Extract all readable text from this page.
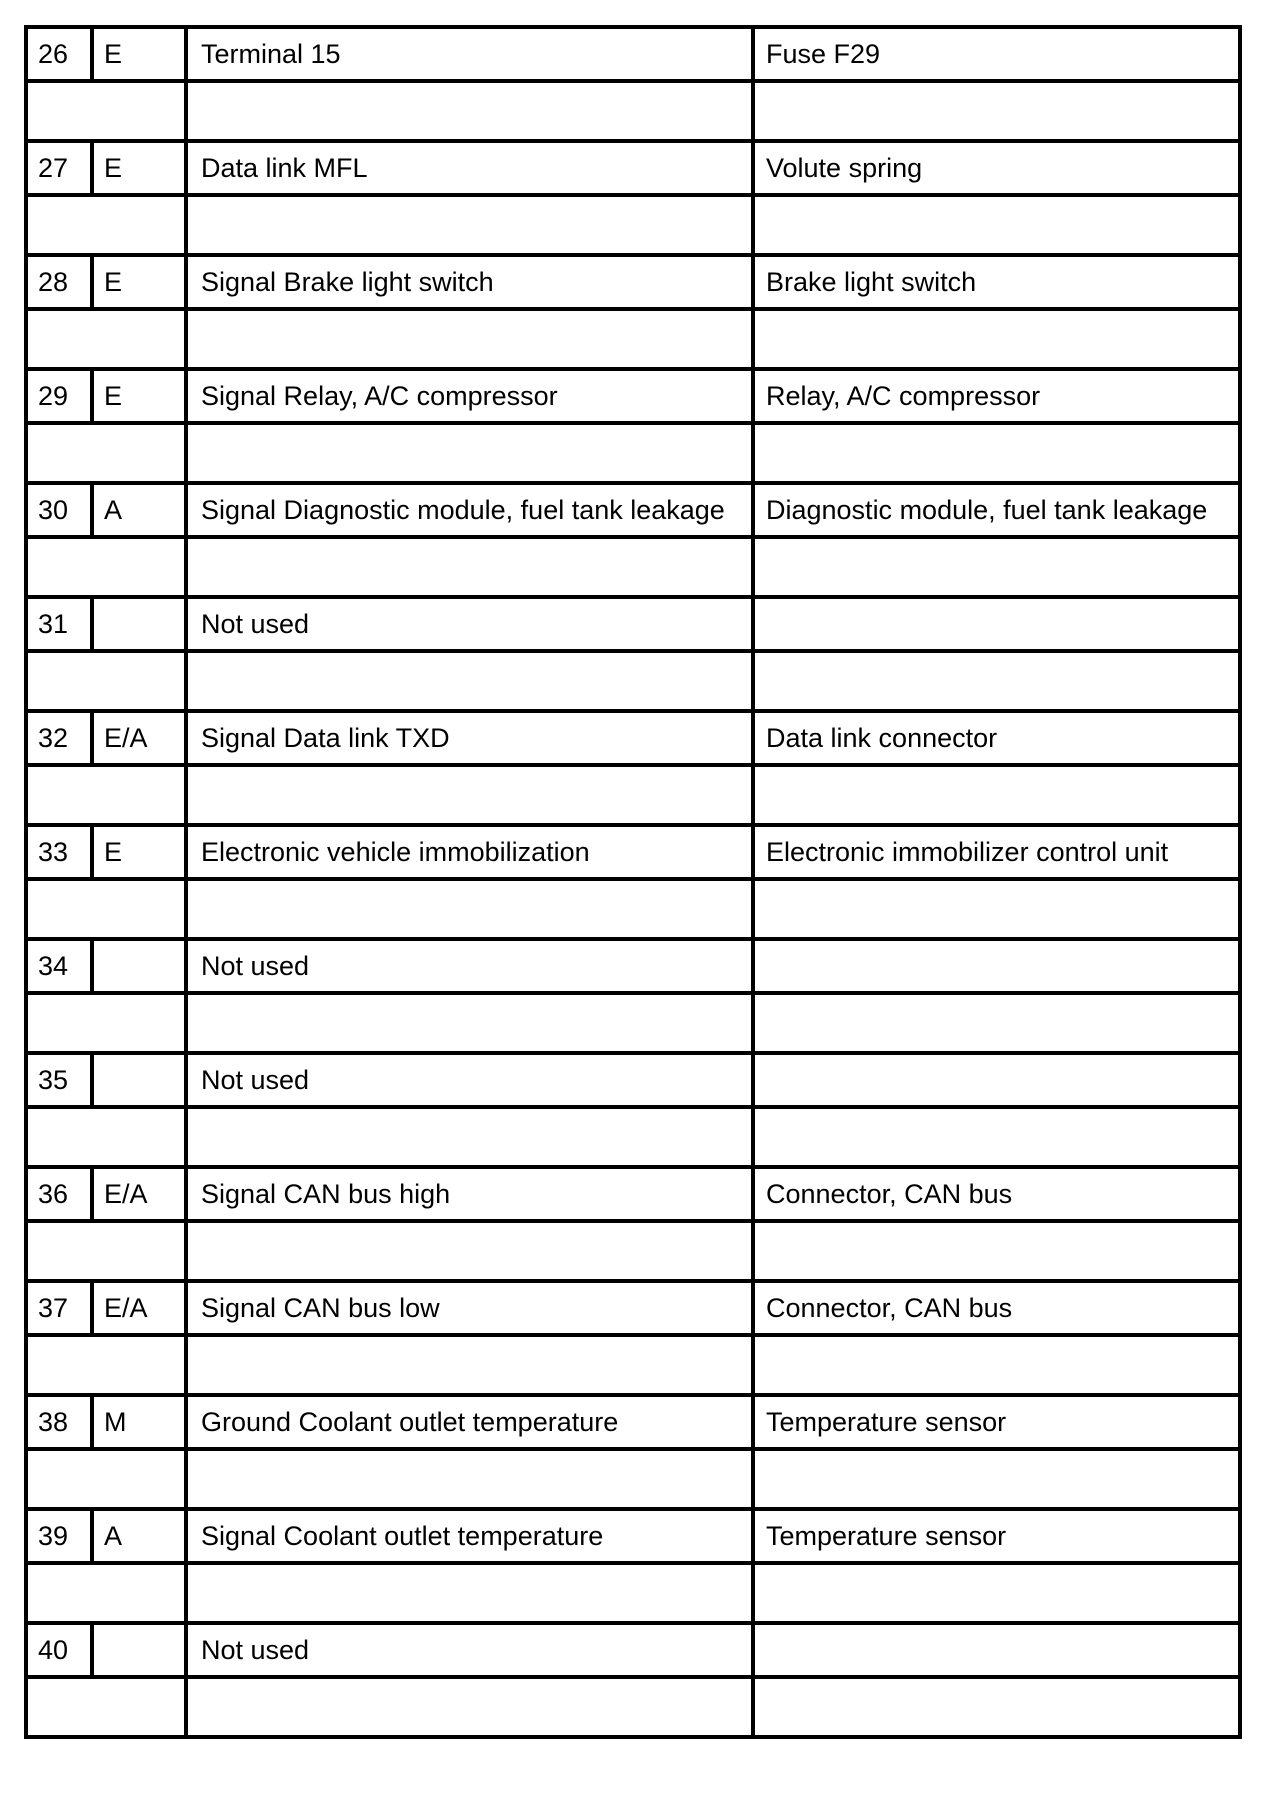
26	E	Terminal 15	Fuse F29

27	E	Data link MFL	Volute spring

28	E	Signal Brake light switch	Brake light switch

29	E	Signal Relay, A/C compressor	Relay, A/C compressor

30	A	Signal Diagnostic module, fuel tank leakage	Diagnostic module, fuel tank leakage

31		Not used	

32	E/A	Signal Data link TXD	Data link connector

33	E	Electronic vehicle immobilization	Electronic immobilizer control unit

34		Not used	

35		Not used	

36	E/A	Signal CAN bus high	Connector, CAN bus

37	E/A	Signal CAN bus low	Connector, CAN bus

38	M	Ground Coolant outlet temperature	Temperature sensor

39	A	Signal Coolant outlet temperature	Temperature sensor

40		Not used	
